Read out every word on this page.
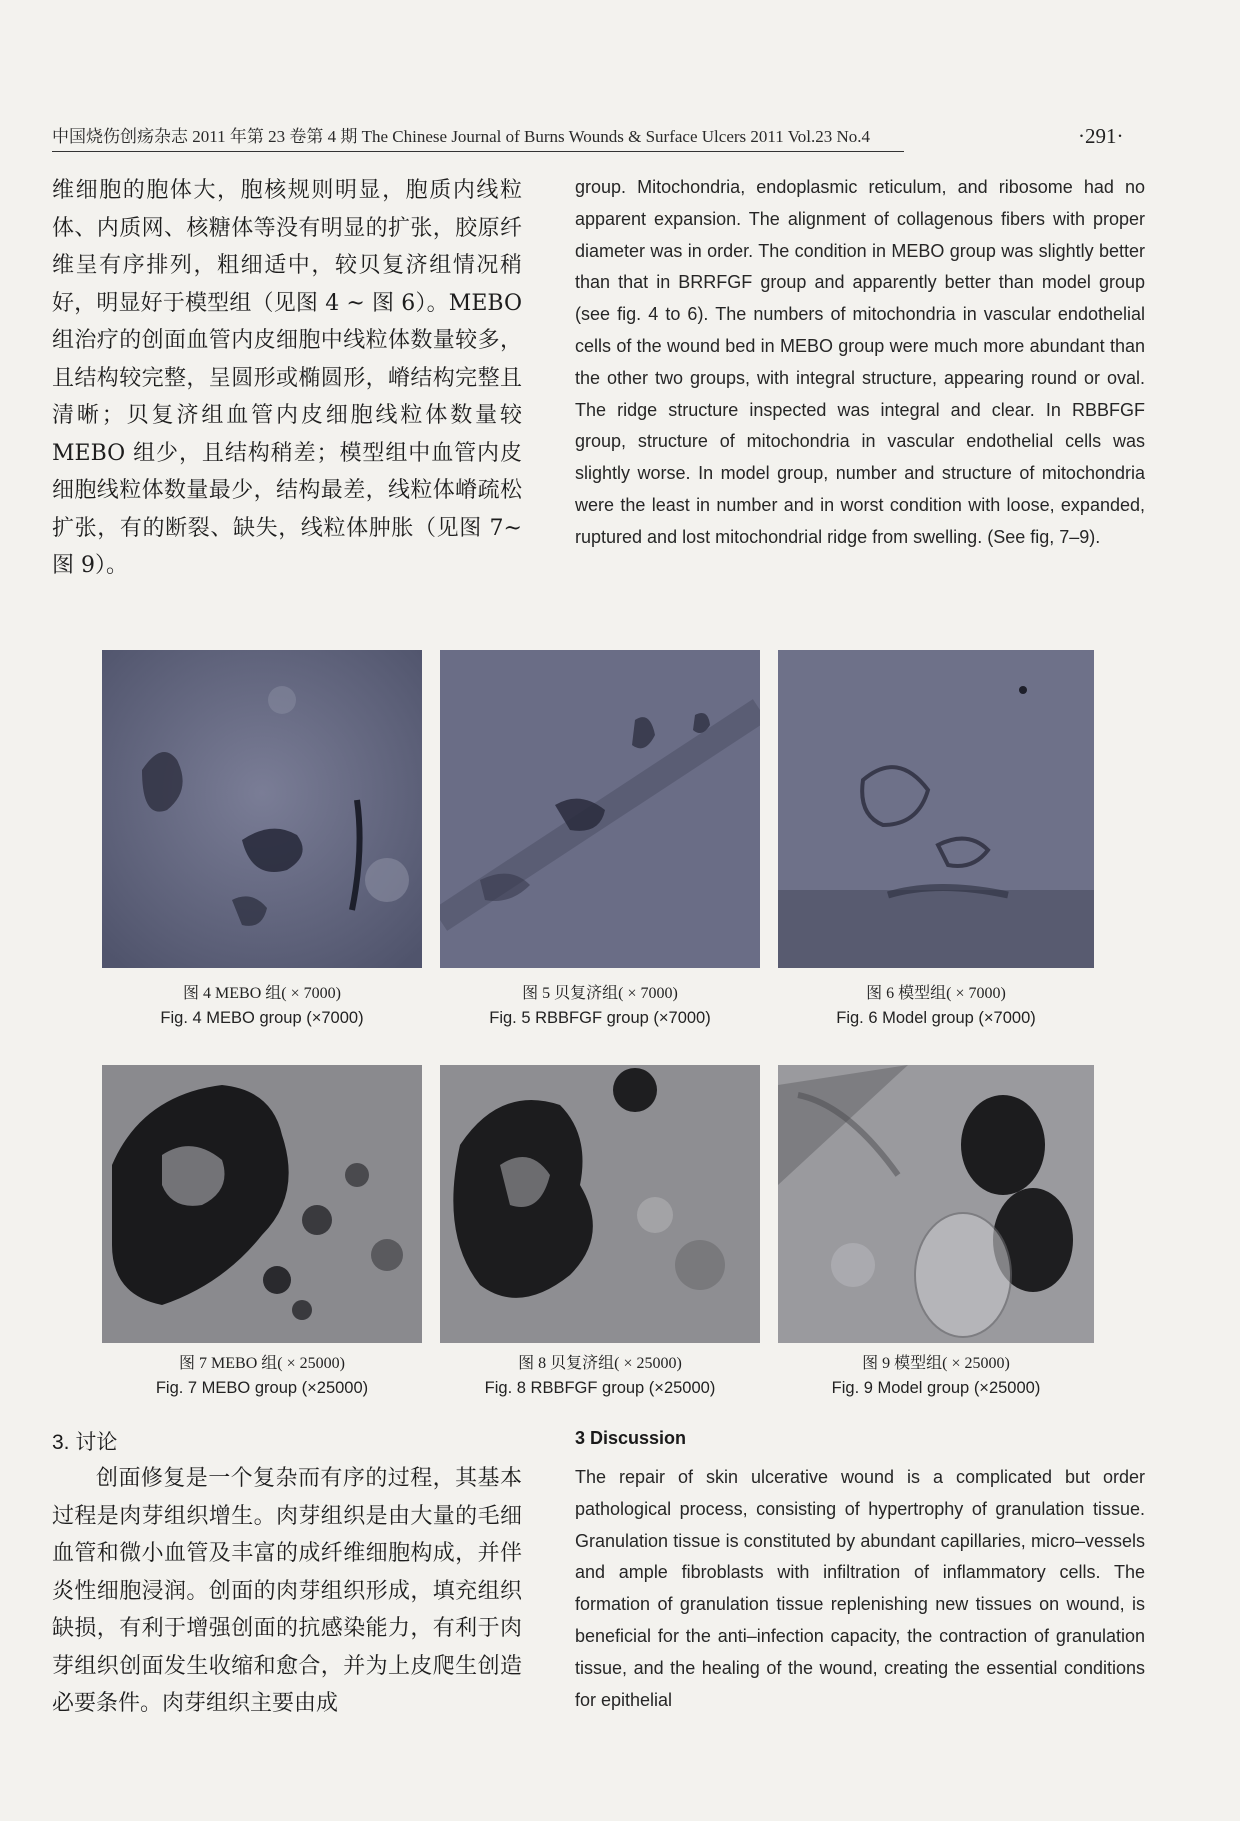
中国烧伤创疡杂志 2011 年第 23 卷第 4 期 The Chinese Journal of Burns Wounds & Surface Ulcers 2011 Vol.23 No.4	·291·

维细胞的胞体大，胞核规则明显，胞质内线粒体、内质网、核糖体等没有明显的扩张，胶原纤维呈有序排列，粗细适中，较贝复济组情况稍好，明显好于模型组（见图 4 ~ 图 6）。MEBO 组治疗的创面血管内皮细胞中线粒体数量较多，且结构较完整，呈圆形或椭圆形，嵴结构完整且清晰；贝复济组血管内皮细胞线粒体数量较 MEBO 组少，且结构稍差；模型组中血管内皮细胞线粒体数量最少，结构最差，线粒体嵴疏松扩张，有的断裂、缺失，线粒体肿胀（见图 7~图 9）。

group. Mitochondria, endoplasmic reticulum, and ribosome had no apparent expansion. The alignment of collagenous fibers with proper diameter was in order. The condition in MEBO group was slightly better than that in BRRFGF group and apparently better than model group (see fig. 4 to 6). The numbers of mitochondria in vascular endothelial cells of the wound bed in MEBO group were much more abundant than the other two groups, with integral structure, appearing round or oval. The ridge structure inspected was integral and clear. In RBBFGF group, structure of mitochondria in vascular endothelial cells was slightly worse. In model group, number and structure of mitochondria were the least in number and in worst condition with loose, expanded, ruptured and lost mitochondrial ridge from swelling. (See fig, 7–9).

图 4 MEBO 组( × 7000)
Fig. 4 MEBO group (×7000)
图 5 贝复济组( × 7000)
Fig. 5 RBBFGF group (×7000)
图 6 模型组( × 7000)
Fig. 6 Model group (×7000)
图 7 MEBO 组( × 25000)
Fig. 7 MEBO group (×25000)
图 8 贝复济组( × 25000)
Fig. 8 RBBFGF group (×25000)
图 9 模型组( × 25000)
Fig. 9 Model group (×25000)
3. 讨论	3 Discussion

创面修复是一个复杂而有序的过程，其基本过程是肉芽组织增生。肉芽组织是由大量的毛细血管和微小血管及丰富的成纤维细胞构成，并伴炎性细胞浸润。创面的肉芽组织形成，填充组织缺损，有利于增强创面的抗感染能力，有利于肉芽组织创面发生收缩和愈合，并为上皮爬生创造必要条件。肉芽组织主要由成

The repair of skin ulcerative wound is a complicated but order pathological process, consisting of hypertrophy of granulation tissue. Granulation tissue is constituted by abundant capillaries, micro–vessels and ample fibroblasts with infiltration of inflammatory cells. The formation of granulation tissue replenishing new tissues on wound, is beneficial for the anti–infection capacity, the contraction of granulation tissue, and the healing of the wound, creating the essential conditions for epithelial
